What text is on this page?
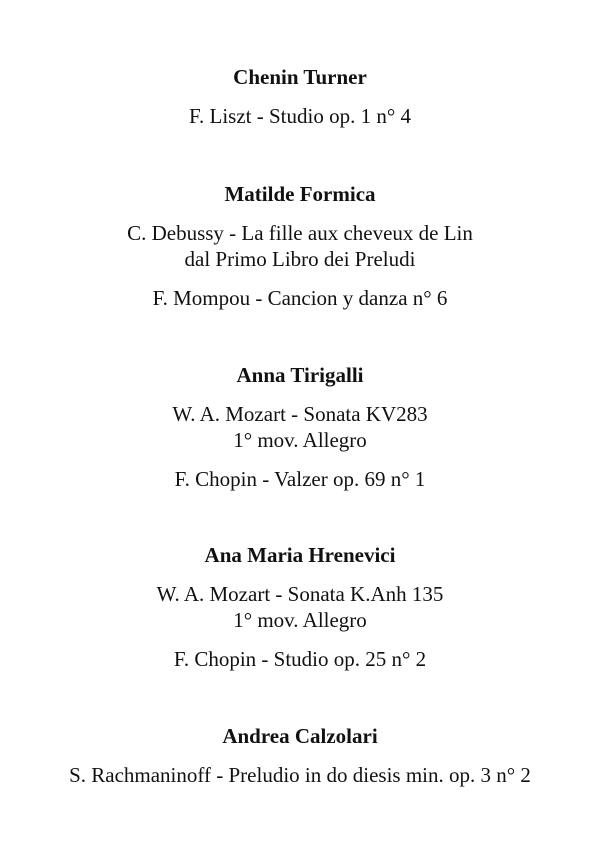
Chenin Turner

F. Liszt - Studio op. 1 n° 4

Matilde Formica

C. Debussy - La fille aux cheveux de Lin
dal Primo Libro dei Preludi

F. Mompou - Cancion y danza n° 6

Anna Tirigalli

W. A. Mozart - Sonata KV283
1° mov. Allegro

F. Chopin - Valzer op. 69 n° 1

Ana Maria Hrenevici

W. A. Mozart - Sonata K.Anh 135
1° mov. Allegro

F. Chopin - Studio op. 25 n° 2

Andrea Calzolari

S. Rachmaninoff - Preludio in do diesis min. op. 3 n° 2
